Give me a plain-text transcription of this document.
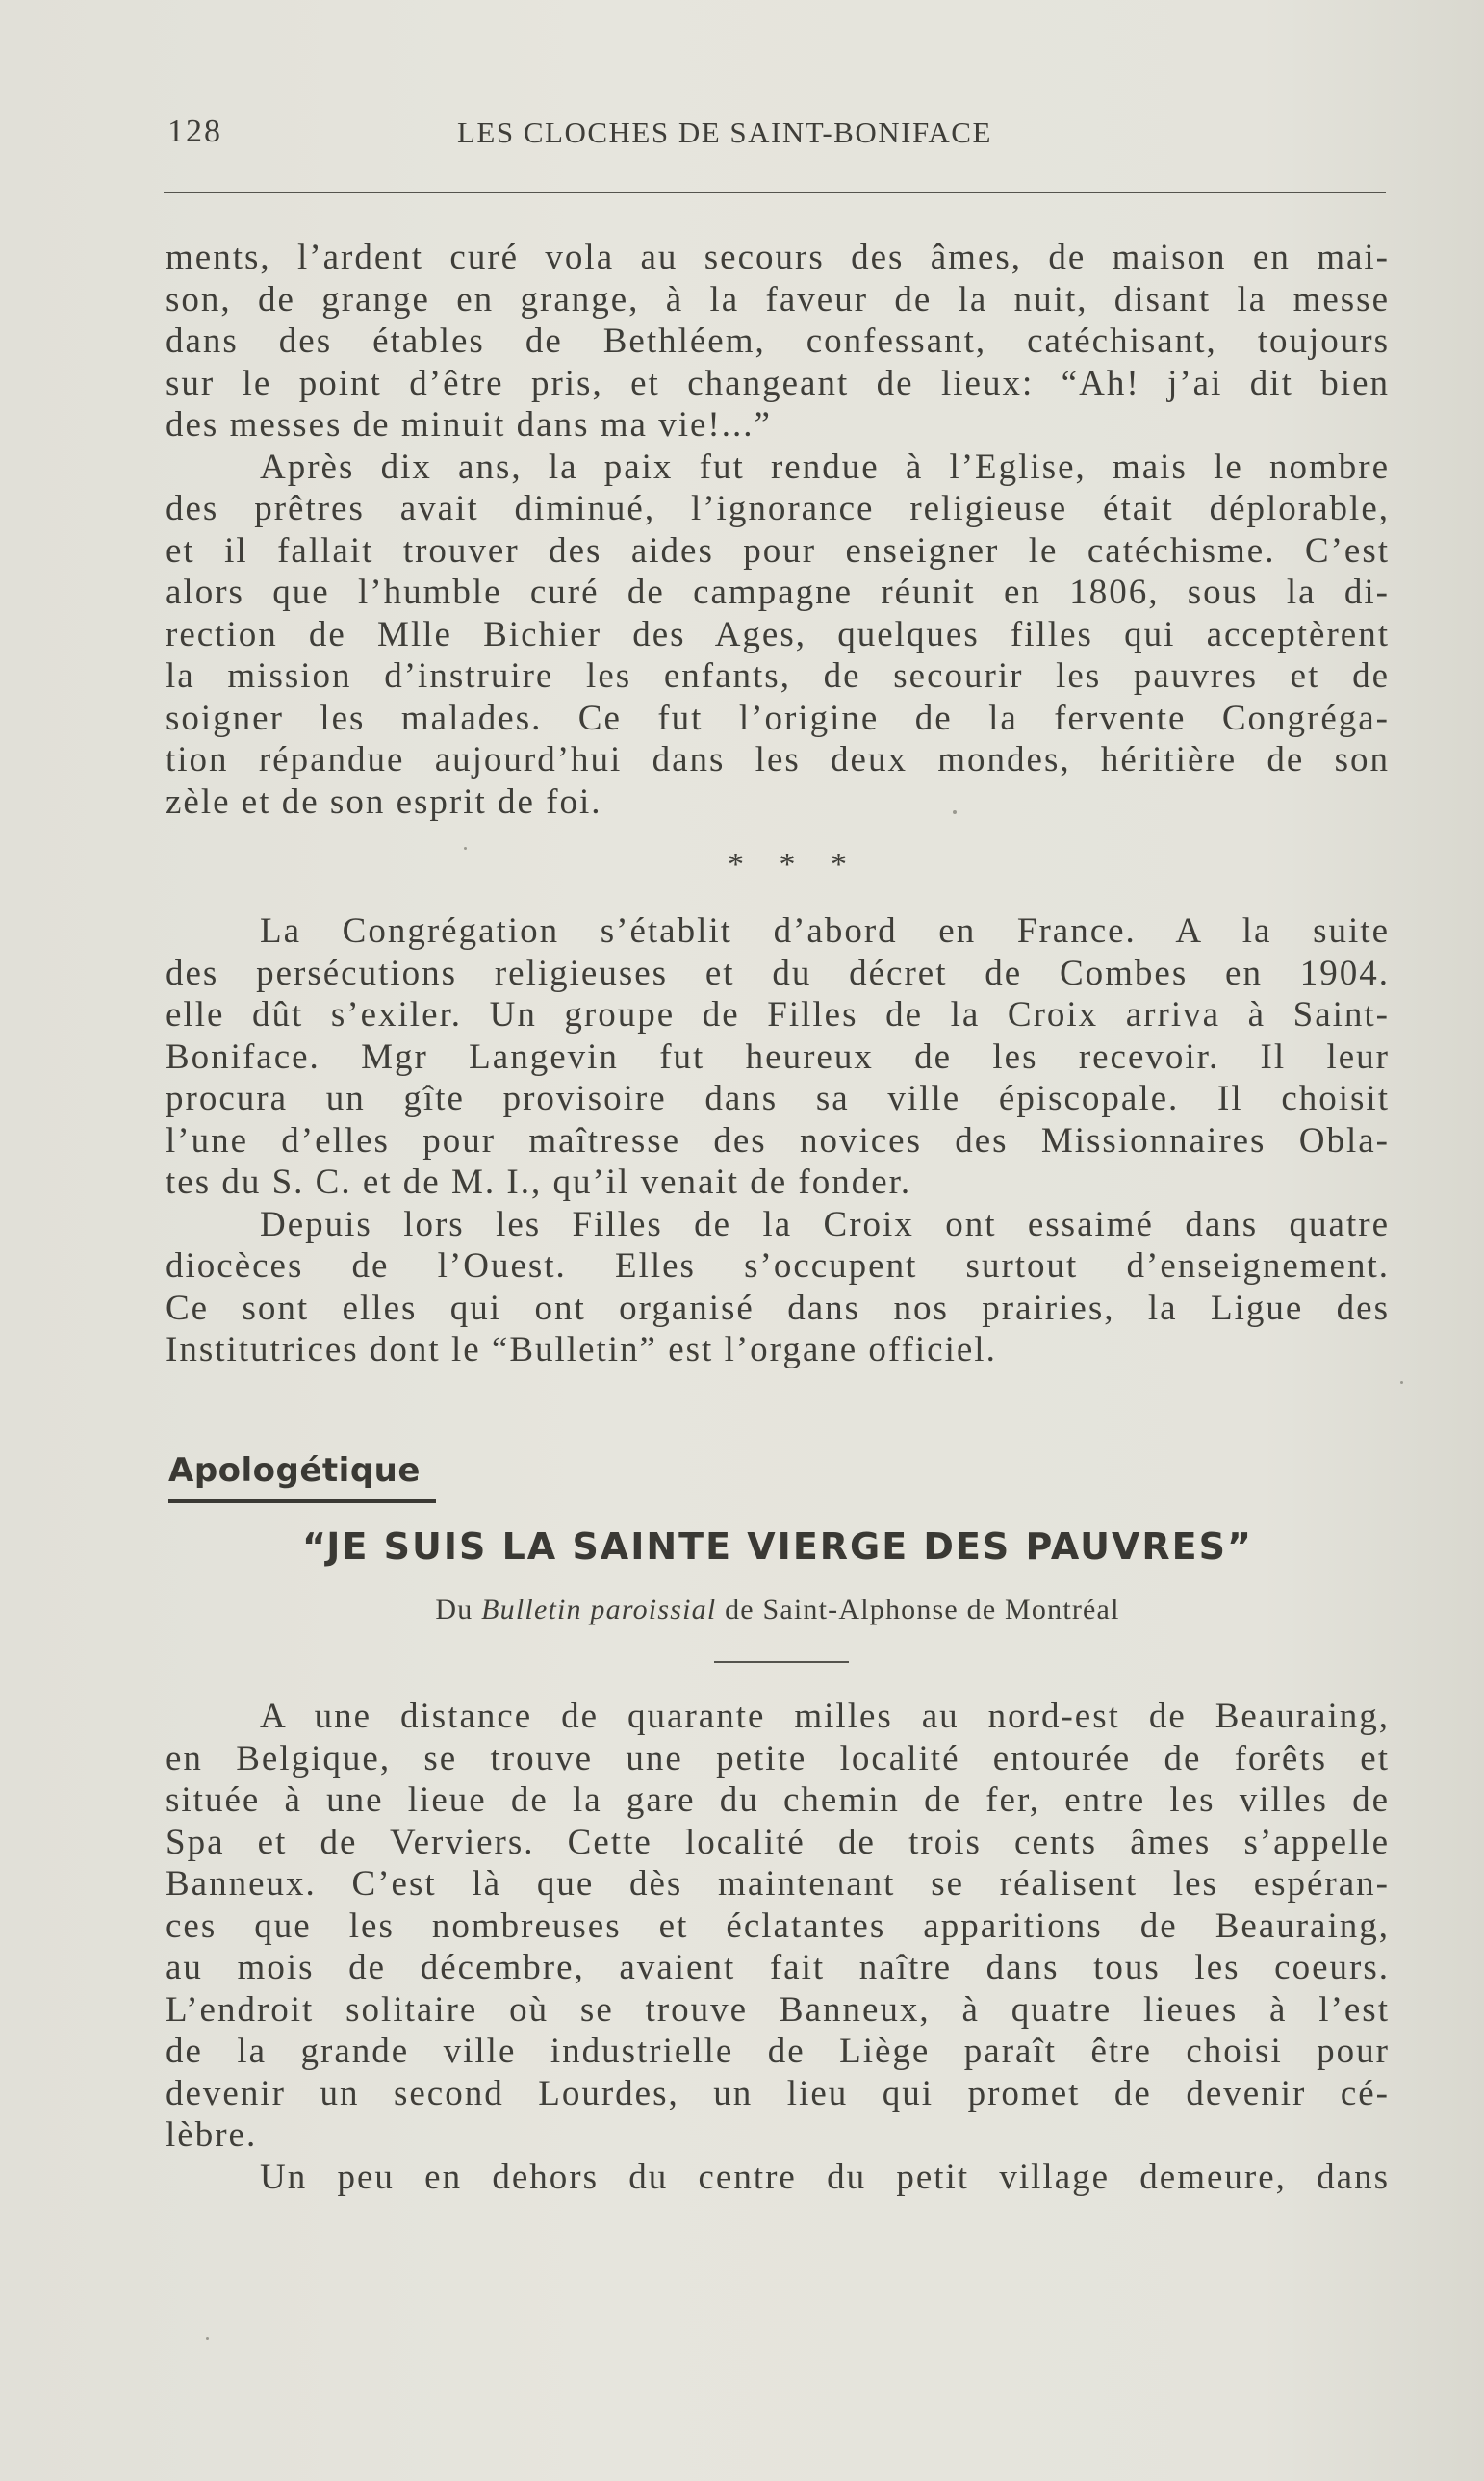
128	LES CLOCHES DE SAINT-BONIFACE
ments, l’ardent curé vola au secours des âmes, de maison en mai-
son, de grange en grange, à la faveur de la nuit, disant la messe
dans des étables de Bethléem, confessant, catéchisant, toujours
sur le point d’être pris, et changeant de lieux: “Ah! j’ai dit bien
des messes de minuit dans ma vie!...”
Après dix ans, la paix fut rendue à l’Eglise, mais le nombre
des prêtres avait diminué, l’ignorance religieuse était déplorable,
et il fallait trouver des aides pour enseigner le catéchisme. C’est
alors que l’humble curé de campagne réunit en 1806, sous la di-
rection de Mlle Bichier des Ages, quelques filles qui acceptèrent
la mission d’instruire les enfants, de secourir les pauvres et de
soigner les malades. Ce fut l’origine de la fervente Congréga-
tion répandue aujourd’hui dans les deux mondes, héritière de son
zèle et de son esprit de foi.
* * *
La Congrégation s’établit d’abord en France. A la suite
des persécutions religieuses et du décret de Combes en 1904.
elle dût s’exiler. Un groupe de Filles de la Croix arriva à Saint-
Boniface. Mgr Langevin fut heureux de les recevoir. Il leur
procura un gîte provisoire dans sa ville épiscopale. Il choisit
l’une d’elles pour maîtresse des novices des Missionnaires Obla-
tes du S. C. et de M. I., qu’il venait de fonder.
Depuis lors les Filles de la Croix ont essaimé dans quatre
diocèces de l’Ouest. Elles s’occupent surtout d’enseignement.
Ce sont elles qui ont organisé dans nos prairies, la Ligue des
Institutrices dont le “Bulletin” est l’organe officiel.
Apologétique
“JE SUIS LA SAINTE VIERGE DES PAUVRES”
Du Bulletin paroissial de Saint-Alphonse de Montréal
A une distance de quarante milles au nord-est de Beauraing,
en Belgique, se trouve une petite localité entourée de forêts et
située à une lieue de la gare du chemin de fer, entre les villes de
Spa et de Verviers. Cette localité de trois cents âmes s’appelle
Banneux. C’est là que dès maintenant se réalisent les espéran-
ces que les nombreuses et éclatantes apparitions de Beauraing,
au mois de décembre, avaient fait naître dans tous les coeurs.
L’endroit solitaire où se trouve Banneux, à quatre lieues à l’est
de la grande ville industrielle de Liège paraît être choisi pour
devenir un second Lourdes, un lieu qui promet de devenir cé-
lèbre.
Un peu en dehors du centre du petit village demeure, dans
